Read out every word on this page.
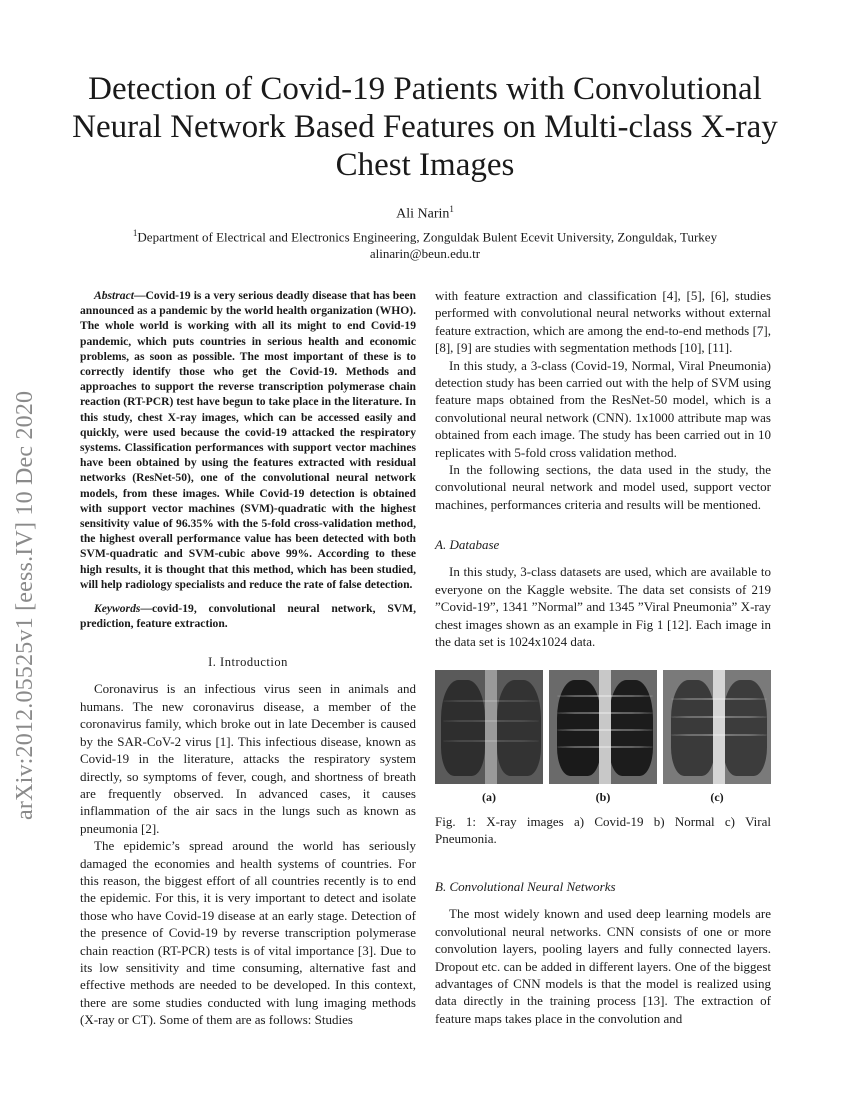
Detection of Covid-19 Patients with Convolutional Neural Network Based Features on Multi-class X-ray Chest Images
Ali Narin$^1$
$^1$Department of Electrical and Electronics Engineering, Zonguldak Bulent Ecevit University, Zonguldak, Turkey
alinarin@beun.edu.tr
arXiv:2012.05525v1 [eess.IV] 10 Dec 2020

Abstract—Covid-19 is a very serious deadly disease that has been announced as a pandemic by the world health organization (WHO). The whole world is working with all its might to end Covid-19 pandemic, which puts countries in serious health and economic problems, as soon as possible. The most important of these is to correctly identify those who get the Covid-19. Methods and approaches to support the reverse transcription polymerase chain reaction (RT-PCR) test have begun to take place in the literature. In this study, chest X-ray images, which can be accessed easily and quickly, were used because the covid-19 attacked the respiratory systems. Classification performances with support vector machines have been obtained by using the features extracted with residual networks (ResNet-50), one of the convolutional neural network models, from these images. While Covid-19 detection is obtained with support vector machines (SVM)-quadratic with the highest sensitivity value of 96.35% with the 5-fold cross-validation method, the highest overall performance value has been detected with both SVM-quadratic and SVM-cubic above 99%. According to these high results, it is thought that this method, which has been studied, will help radiology specialists and reduce the rate of false detection.

Keywords—covid-19, convolutional neural network, SVM, prediction, feature extraction.

I. Introduction

Coronavirus is an infectious virus seen in animals and humans. The new coronavirus disease, a member of the coronavirus family, which broke out in late December is caused by the SAR-CoV-2 virus [1]. This infectious disease, known as Covid-19 in the literature, attacks the respiratory system directly, so symptoms of fever, cough, and shortness of breath are frequently observed. In advanced cases, it causes inflammation of the air sacs in the lungs such as known as pneumonia [2].

The epidemic’s spread around the world has seriously damaged the economies and health systems of countries. For this reason, the biggest effort of all countries recently is to end the epidemic. For this, it is very important to detect and isolate those who have Covid-19 disease at an early stage. Detection of the presence of Covid-19 by reverse transcription polymerase chain reaction (RT-PCR) tests is of vital importance [3]. Due to its low sensitivity and time consuming, alternative fast and effective methods are needed to be developed. In this context, there are some studies conducted with lung imaging methods (X-ray or CT). Some of them are as follows: Studies

with feature extraction and classification [4], [5], [6], studies performed with convolutional neural networks without external feature extraction, which are among the end-to-end methods [7], [8], [9] are studies with segmentation methods [10], [11].

In this study, a 3-class (Covid-19, Normal, Viral Pneumonia) detection study has been carried out with the help of SVM using feature maps obtained from the ResNet-50 model, which is a convolutional neural network (CNN). 1x1000 attribute map was obtained from each image. The study has been carried out in 10 replicates with 5-fold cross validation method.

In the following sections, the data used in the study, the convolutional neural network and model used, support vector machines, performances criteria and results will be mentioned.

A. Database

In this study, 3-class datasets are used, which are available to everyone on the Kaggle website. The data set consists of 219 ”Covid-19”, 1341 ”Normal” and 1345 ”Viral Pneumonia” X-ray chest images shown as an example in Fig 1 [12]. Each image in the data set is 1024x1024 data.

(a)	(b)	(c)

Fig. 1: X-ray images a) Covid-19 b) Normal c) Viral Pneumonia.

B. Convolutional Neural Networks

The most widely known and used deep learning models are convolutional neural networks. CNN consists of one or more convolution layers, pooling layers and fully connected layers. Dropout etc. can be added in different layers. One of the biggest advantages of CNN models is that the model is realized using data directly in the training process [13]. The extraction of feature maps takes place in the convolution and
